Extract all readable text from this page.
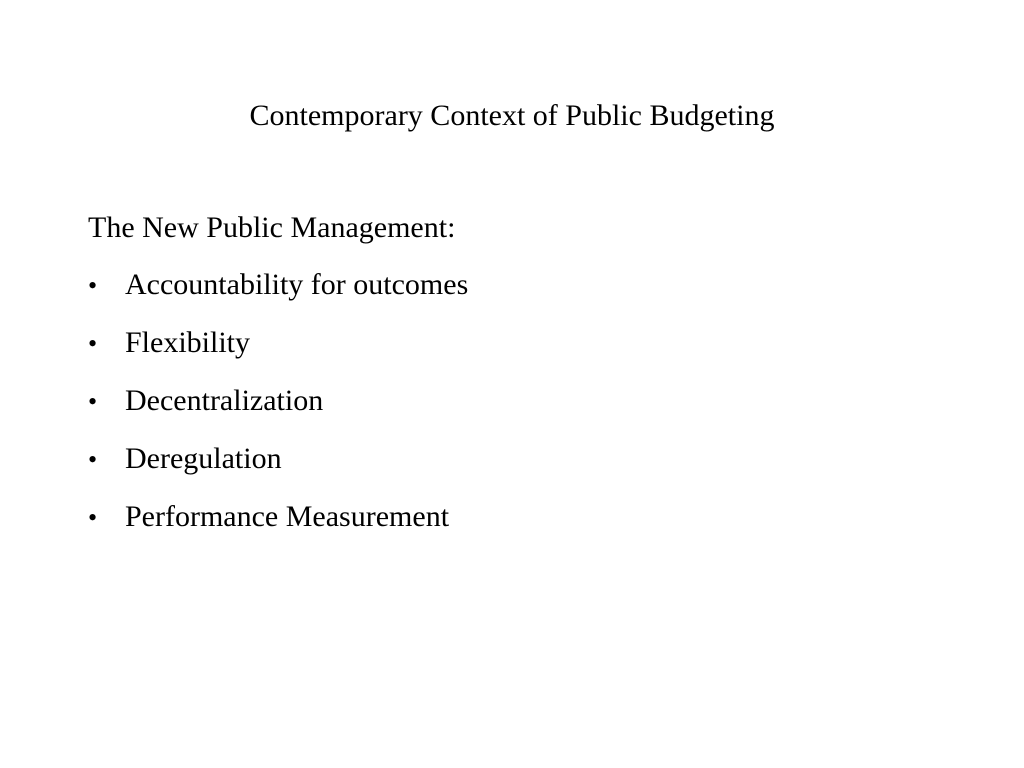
Contemporary Context of Public Budgeting
The New Public Management:
• Accountability for outcomes
• Flexibility
• Decentralization
• Deregulation
• Performance Measurement
